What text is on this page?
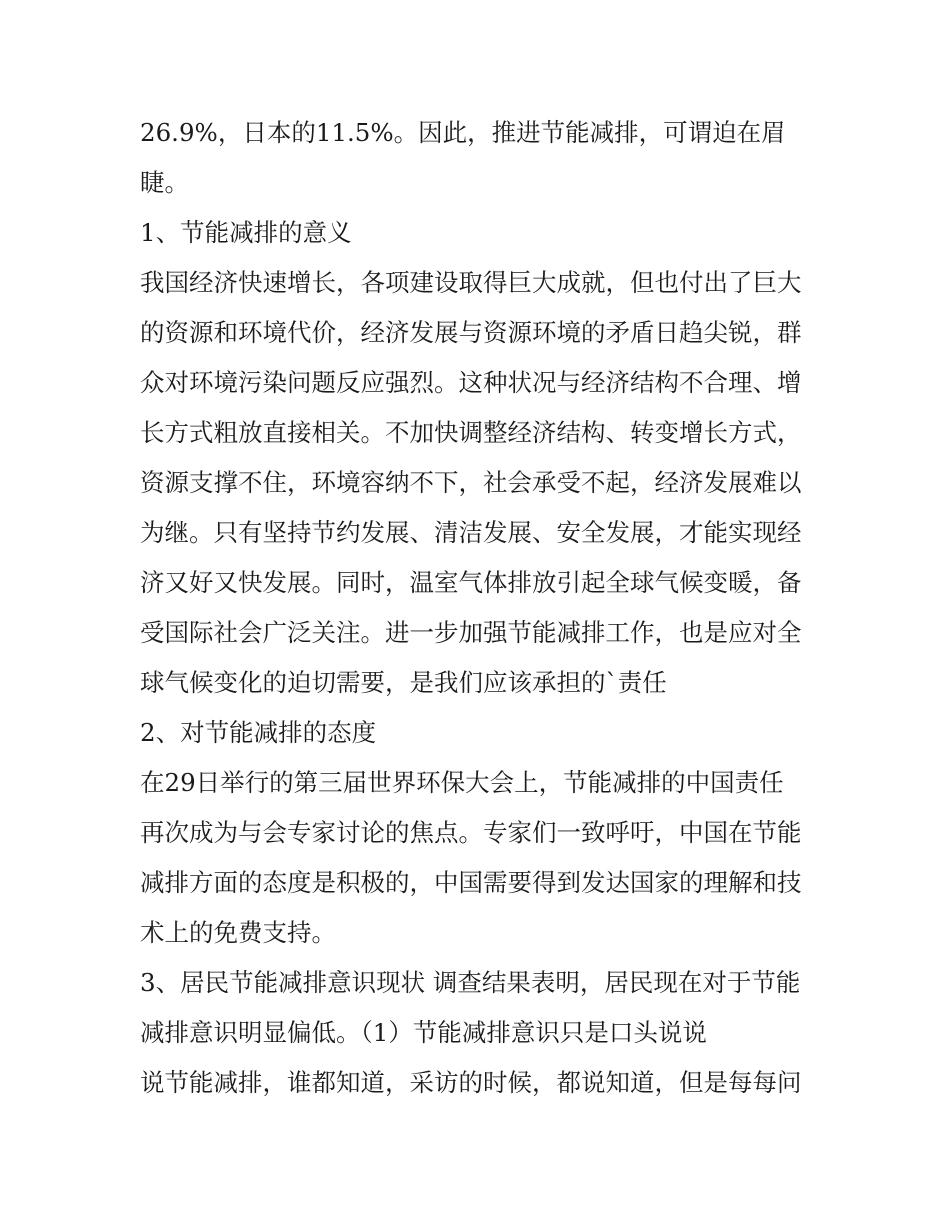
26.9%，日本的11.5%。因此，推进节能减排，可谓迫在眉
睫。
1、节能减排的意义
我国经济快速增长，各项建设取得巨大成就，但也付出了巨大
的资源和环境代价，经济发展与资源环境的矛盾日趋尖锐，群
众对环境污染问题反应强烈。这种状况与经济结构不合理、增
长方式粗放直接相关。不加快调整经济结构、转变增长方式，
资源支撑不住，环境容纳不下，社会承受不起，经济发展难以
为继。只有坚持节约发展、清洁发展、安全发展，才能实现经
济又好又快发展。同时，温室气体排放引起全球气候变暖，备
受国际社会广泛关注。进一步加强节能减排工作，也是应对全
球气候变化的迫切需要，是我们应该承担的`责任
2、对节能减排的态度
在29日举行的第三届世界环保大会上，节能减排的中国责任
再次成为与会专家讨论的焦点。专家们一致呼吁，中国在节能
减排方面的态度是积极的，中国需要得到发达国家的理解和技
术上的免费支持。
3、居民节能减排意识现状 调查结果表明，居民现在对于节能
减排意识明显偏低。（1）节能减排意识只是口头说说
说节能减排，谁都知道，采访的时候，都说知道，但是每每问
